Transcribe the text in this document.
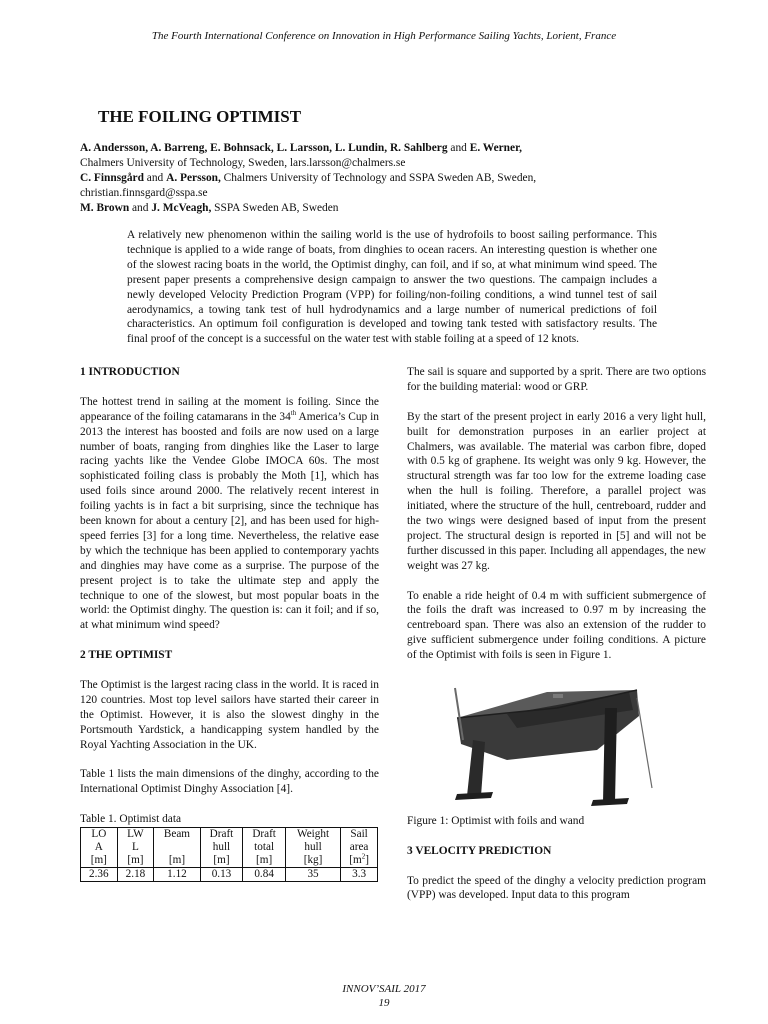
The Fourth International Conference on Innovation in High Performance Sailing Yachts, Lorient, France
THE FOILING OPTIMIST
A. Andersson, A. Barreng, E. Bohnsack, L. Larsson, L. Lundin, R. Sahlberg and E. Werner,
Chalmers University of Technology, Sweden, lars.larsson@chalmers.se
C. Finnsgård and A. Persson, Chalmers University of Technology and SSPA Sweden AB, Sweden,
christian.finnsgard@sspa.se
M. Brown and J. McVeagh, SSPA Sweden AB, Sweden
A relatively new phenomenon within the sailing world is the use of hydrofoils to boost sailing performance. This technique is applied to a wide range of boats, from dinghies to ocean racers. An interesting question is whether one of the slowest racing boats in the world, the Optimist dinghy, can foil, and if so, at what minimum wind speed. The present paper presents a comprehensive design campaign to answer the two questions. The campaign includes a newly developed Velocity Prediction Program (VPP) for foiling/non-foiling conditions, a wind tunnel test of sail aerodynamics, a towing tank test of hull hydrodynamics and a large number of numerical predictions of foil characteristics. An optimum foil configuration is developed and towing tank tested with satisfactory results. The final proof of the concept is a successful on the water test with stable foiling at a speed of 12 knots.
1 INTRODUCTION

The hottest trend in sailing at the moment is foiling. Since the appearance of the foiling catamarans in the 34th America’s Cup in 2013 the interest has boosted and foils are now used on a large number of boats, ranging from dinghies like the Laser to large racing yachts like the Vendee Globe IMOCA 60s. The most sophisticated foiling class is probably the Moth [1], which has used foils since around 2000. The relatively recent interest in foiling yachts is in fact a bit surprising, since the technique has been known for about a century [2], and has been used for high-speed ferries [3] for a long time. Nevertheless, the relative ease by which the technique has been applied to contemporary yachts and dinghies may have come as a surprise. The purpose of the present project is to take the ultimate step and apply the technique to one of the slowest, but most popular boats in the world: the Optimist dinghy. The question is: can it foil; and if so, at what minimum wind speed?

2 THE OPTIMIST

The Optimist is the largest racing class in the world. It is raced in 120 countries. Most top level sailors have started their career in the Optimist. However, it is also the slowest dinghy in the Portsmouth Yardstick, a handicapping system handled by the Royal Yachting Association in the UK.

Table 1 lists the main dimensions of the dinghy, according to the International Optimist Dinghy Association [4].

Table 1. Optimist data
LO	LW	Beam	Draft	Draft	Weight	Sail
A	L		hull	total	hull	area
[m]	[m]	[m]	[m]	[m]	[kg]	$[m^2]$
2.36	2.18	1.12	0.13	0.84	35	3.3

The sail is square and supported by a sprit. There are two options for the building material: wood or GRP.

By the start of the present project in early 2016 a very light hull, built for demonstration purposes in an earlier project at Chalmers, was available. The material was carbon fibre, doped with 0.5 kg of graphene. Its weight was only 9 kg. However, the structural strength was far too low for the extreme loading case when the hull is foiling. Therefore, a parallel project was initiated, where the structure of the hull, centreboard, rudder and the two wings were designed based of input from the present project. The structural design is reported in [5] and will not be further discussed in this paper. Including all appendages, the new weight was 27 kg.

To enable a ride height of 0.4 m with sufficient submergence of the foils the draft was increased to 0.97 m by increasing the centreboard span. There was also an extension of the rudder to give sufficient submergence under foiling conditions. A picture of the Optimist with foils is seen in Figure 1.

Figure 1: Optimist with foils and wand

3 VELOCITY PREDICTION

To predict the speed of the dinghy a velocity prediction program (VPP) was developed. Input data to this program

INNOV’SAIL 2017
19
